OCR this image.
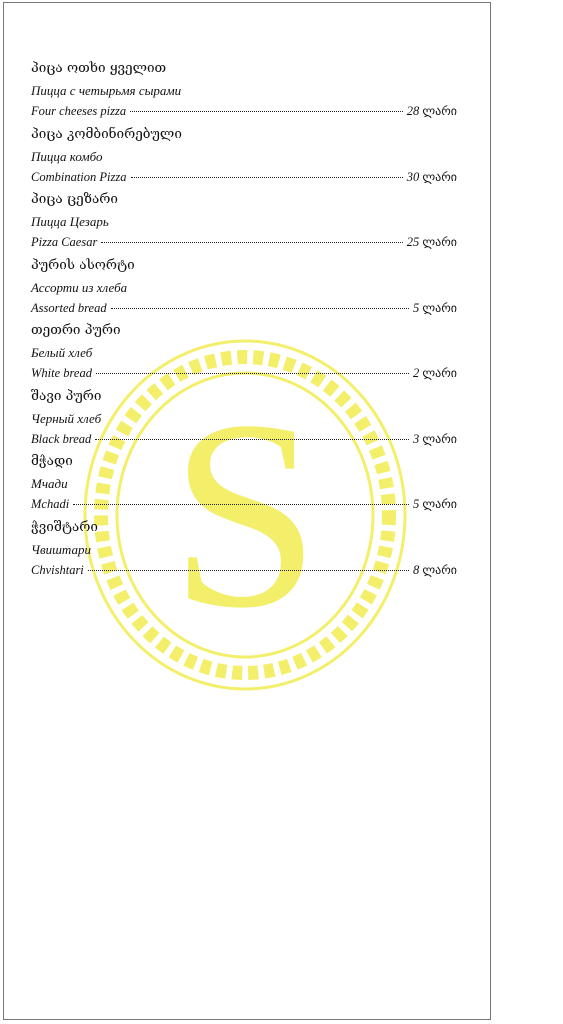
S
პიცა ოთხი ყველით
Пицца с четырьмя сырами
Four cheeses pizza	28 ლარი
პიცა კომბინირებული
Пицца комбо
Combination Pizza	30 ლარი
პიცა ცეზარი
Пицца Цезарь
Pizza Caesar	25 ლარი
პურის ასორტი
Ассорти из хлеба
Assorted bread	5 ლარი
თეთრი პური
Белый хлеб
White bread	2 ლარი
შავი პური
Черный хлеб
Black bread	3 ლარი
მჭადი
Мчади
Mchadi	5 ლარი
ჭვიშტარი
Чвиштари
Chvishtari	8 ლარი
